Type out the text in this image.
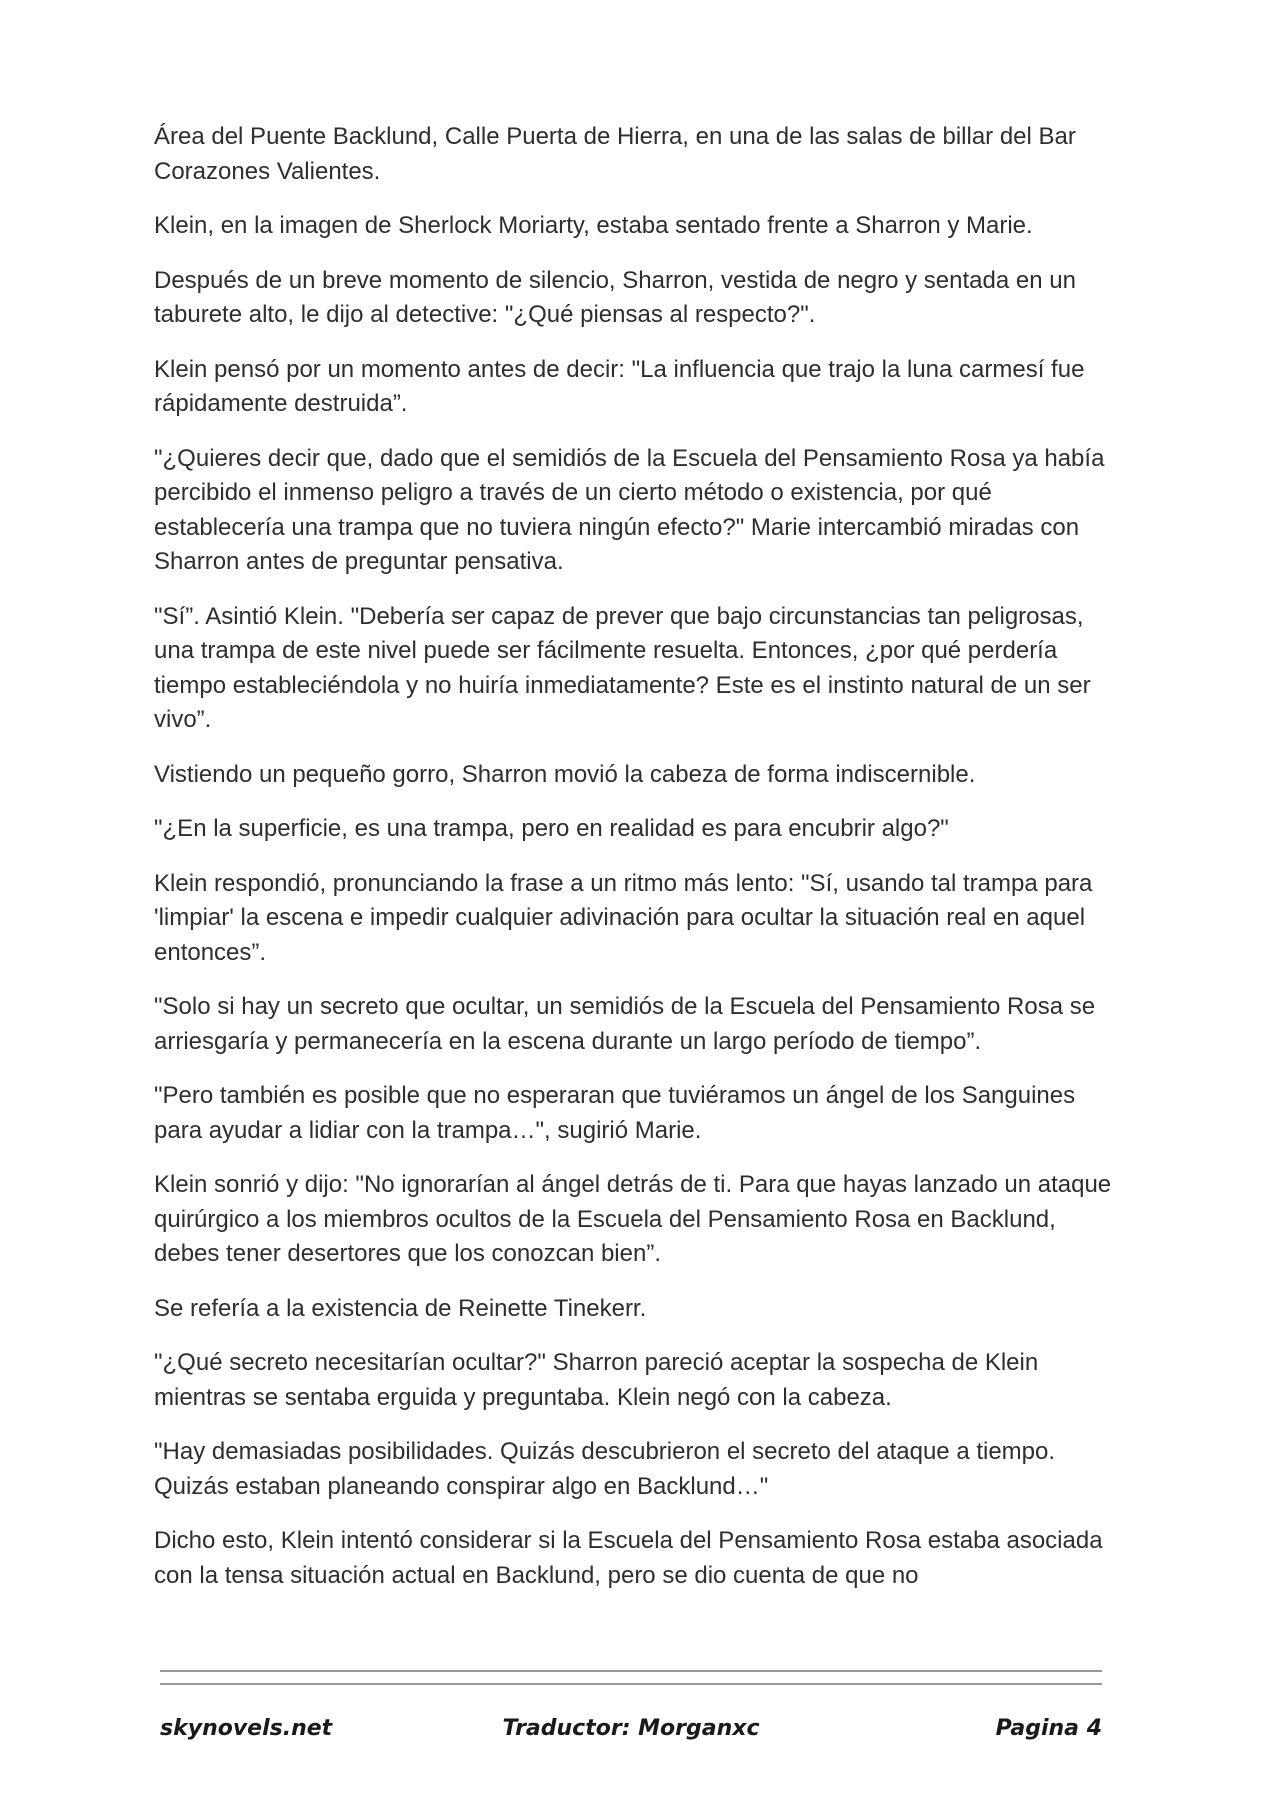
Área del Puente Backlund, Calle Puerta de Hierra, en una de las salas de billar del Bar Corazones Valientes.

Klein, en la imagen de Sherlock Moriarty, estaba sentado frente a Sharron y Marie.

Después de un breve momento de silencio, Sharron, vestida de negro y sentada en un taburete alto, le dijo al detective: "¿Qué piensas al respecto?".

Klein pensó por un momento antes de decir: "La influencia que trajo la luna carmesí fue rápidamente destruida”.

"¿Quieres decir que, dado que el semidiós de la Escuela del Pensamiento Rosa ya había percibido el inmenso peligro a través de un cierto método o existencia, por qué establecería una trampa que no tuviera ningún efecto?" Marie intercambió miradas con Sharron antes de preguntar pensativa.

"Sí”. Asintió Klein. "Debería ser capaz de prever que bajo circunstancias tan peligrosas, una trampa de este nivel puede ser fácilmente resuelta. Entonces, ¿por qué perdería tiempo estableciéndola y no huiría inmediatamente? Este es el instinto natural de un ser vivo”.

Vistiendo un pequeño gorro, Sharron movió la cabeza de forma indiscernible.

"¿En la superficie, es una trampa, pero en realidad es para encubrir algo?"

Klein respondió, pronunciando la frase a un ritmo más lento: "Sí, usando tal trampa para 'limpiar' la escena e impedir cualquier adivinación para ocultar la situación real en aquel entonces”.

"Solo si hay un secreto que ocultar, un semidiós de la Escuela del Pensamiento Rosa se arriesgaría y permanecería en la escena durante un largo período de tiempo”.

"Pero también es posible que no esperaran que tuviéramos un ángel de los Sanguines para ayudar a lidiar con la trampa…", sugirió Marie.

Klein sonrió y dijo: "No ignorarían al ángel detrás de ti. Para que hayas lanzado un ataque quirúrgico a los miembros ocultos de la Escuela del Pensamiento Rosa en Backlund, debes tener desertores que los conozcan bien”.

Se refería a la existencia de Reinette Tinekerr.

"¿Qué secreto necesitarían ocultar?" Sharron pareció aceptar la sospecha de Klein mientras se sentaba erguida y preguntaba. Klein negó con la cabeza.

"Hay demasiadas posibilidades. Quizás descubrieron el secreto del ataque a tiempo. Quizás estaban planeando conspirar algo en Backlund…"

Dicho esto, Klein intentó considerar si la Escuela del Pensamiento Rosa estaba asociada con la tensa situación actual en Backlund, pero se dio cuenta de que no

skynovels.net	Traductor: Morganxc	Pagina 4
